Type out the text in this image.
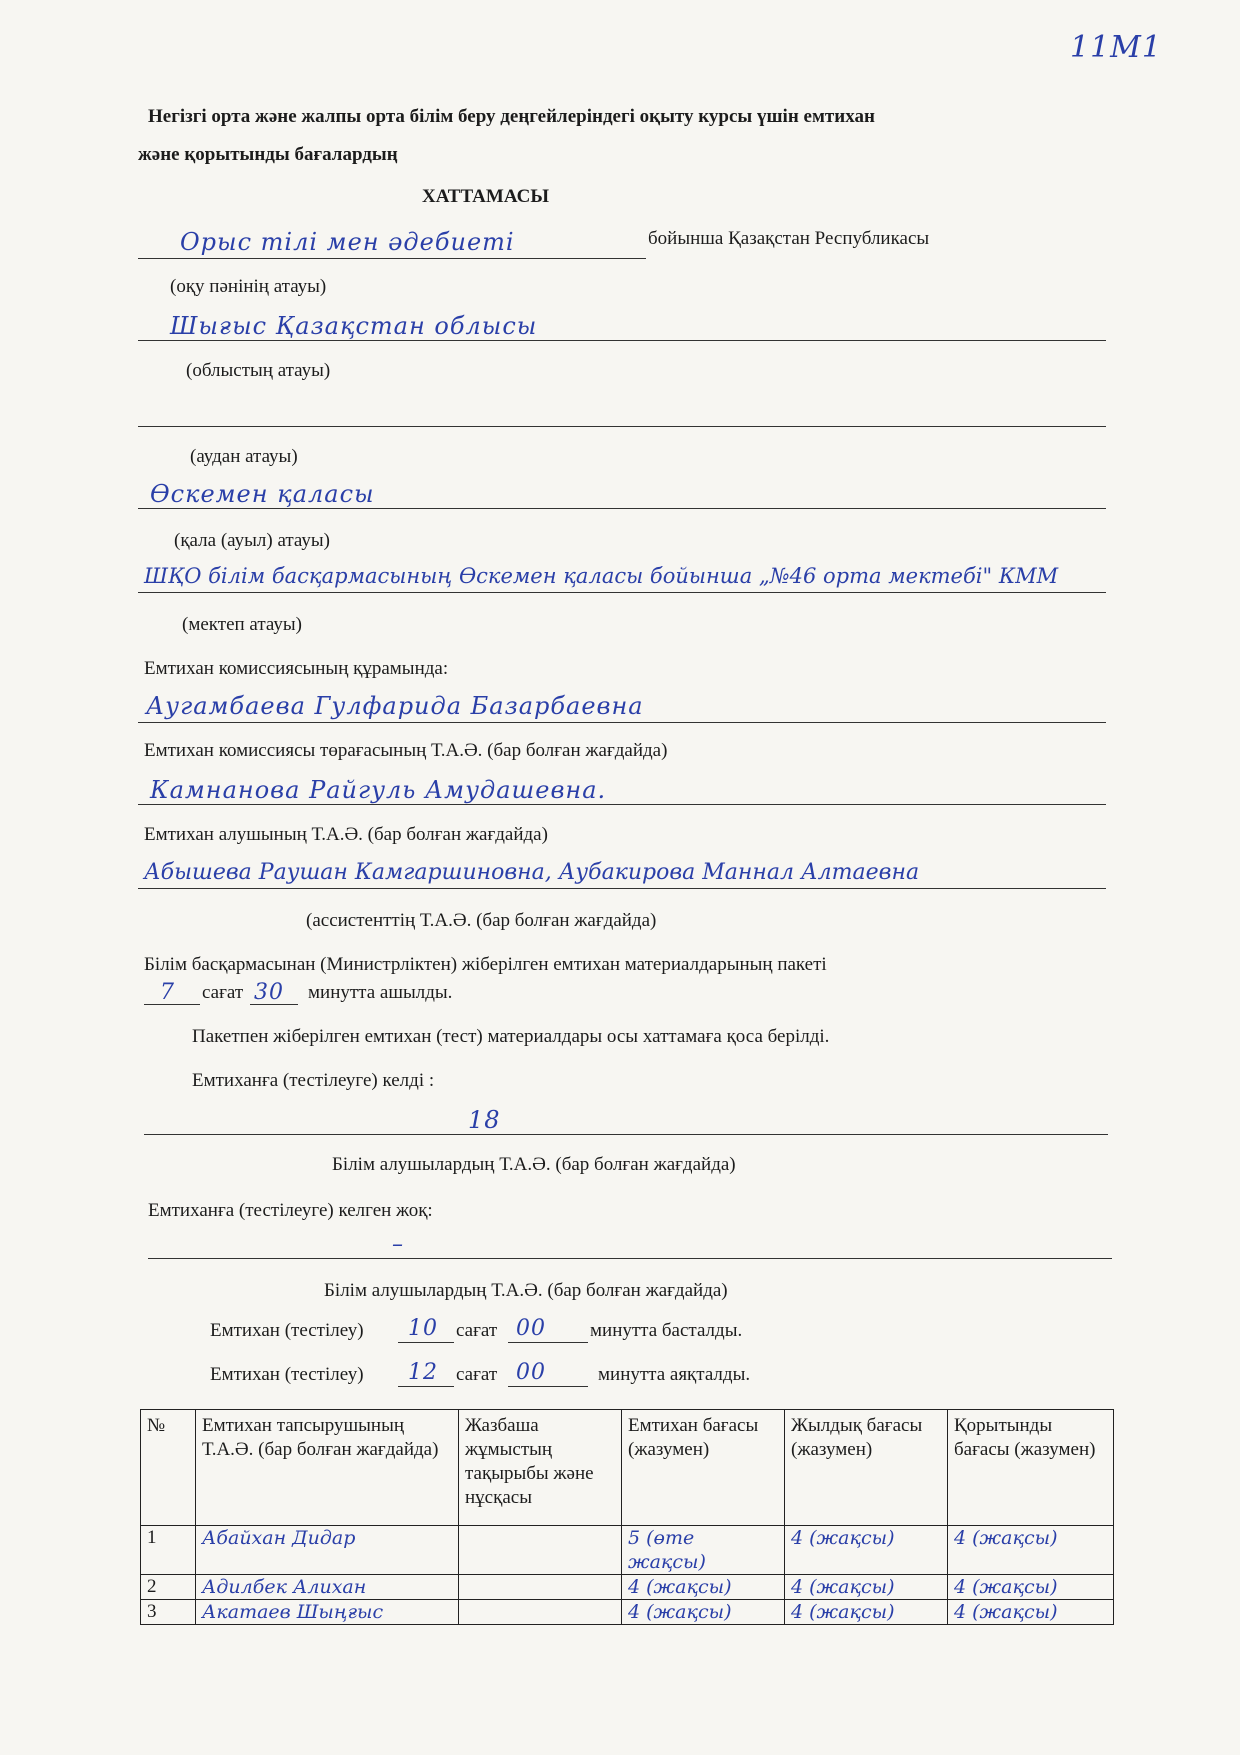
11M1
Негізгі орта және жалпы орта білім беру деңгейлеріндегі оқыту курсы үшін емтихан
және қорытынды бағалардың
ХАТТАМАСЫ
Орыс тілі мен әдебиеті	бойынша Қазақстан Республикасы
(оқу пәнінің атауы)
Шығыс Қазақстан облысы
(облыстың атауы)
(аудан атауы)
Өскемен қаласы
(қала (ауыл) атауы)
ШҚО білім басқармасының Өскемен қаласы бойынша „№46 орта мектебі" КММ
(мектеп атауы)
Емтихан комиссиясының құрамында:
Аугамбаева Гулфарида Базарбаевна
Емтихан комиссиясы төрағасының Т.А.Ә. (бар болған жағдайда)
Камнанова Райгуль Амудашевна.
Емтихан алушының Т.А.Ә. (бар болған жағдайда)
Абышева Раушан Камгаршиновна, Аубакирова Маннал Алтаевна
(ассистенттің Т.А.Ә. (бар болған жағдайда)
Білім басқармасынан (Министрліктен) жіберілген емтихан материалдарының пакеті
7 сағат 30 минутта ашылды.
Пакетпен жіберілген емтихан (тест) материалдары осы хаттамаға қоса берілді.
Емтиханға (тестілеуге) келді :
18
Білім алушылардың Т.А.Ә. (бар болған жағдайда)
Емтиханға (тестілеуге) келген жоқ:
–
Білім алушылардың Т.А.Ә. (бар болған жағдайда)
Емтихан (тестілеу) 10 сағат 00 минутта басталды.
Емтихан (тестілеу) 12 сағат 00	минутта аяқталды.
№	Емтихан тапсырушының Т.А.Ә. (бар болған жағдайда)	Жазбаша жұмыстың тақырыбы және нұсқасы	Емтихан бағасы (жазумен)	Жылдық бағасы (жазумен)	Қорытынды бағасы (жазумен)
1	Абайхан Дидар		5 (өте жақсы)	4 (жақсы)	4 (жақсы)
2	Адилбек Алихан		4 (жақсы)	4 (жақсы)	4 (жақсы)
3	Акатаев Шыңғыс		4 (жақсы)	4 (жақсы)	4 (жақсы)
